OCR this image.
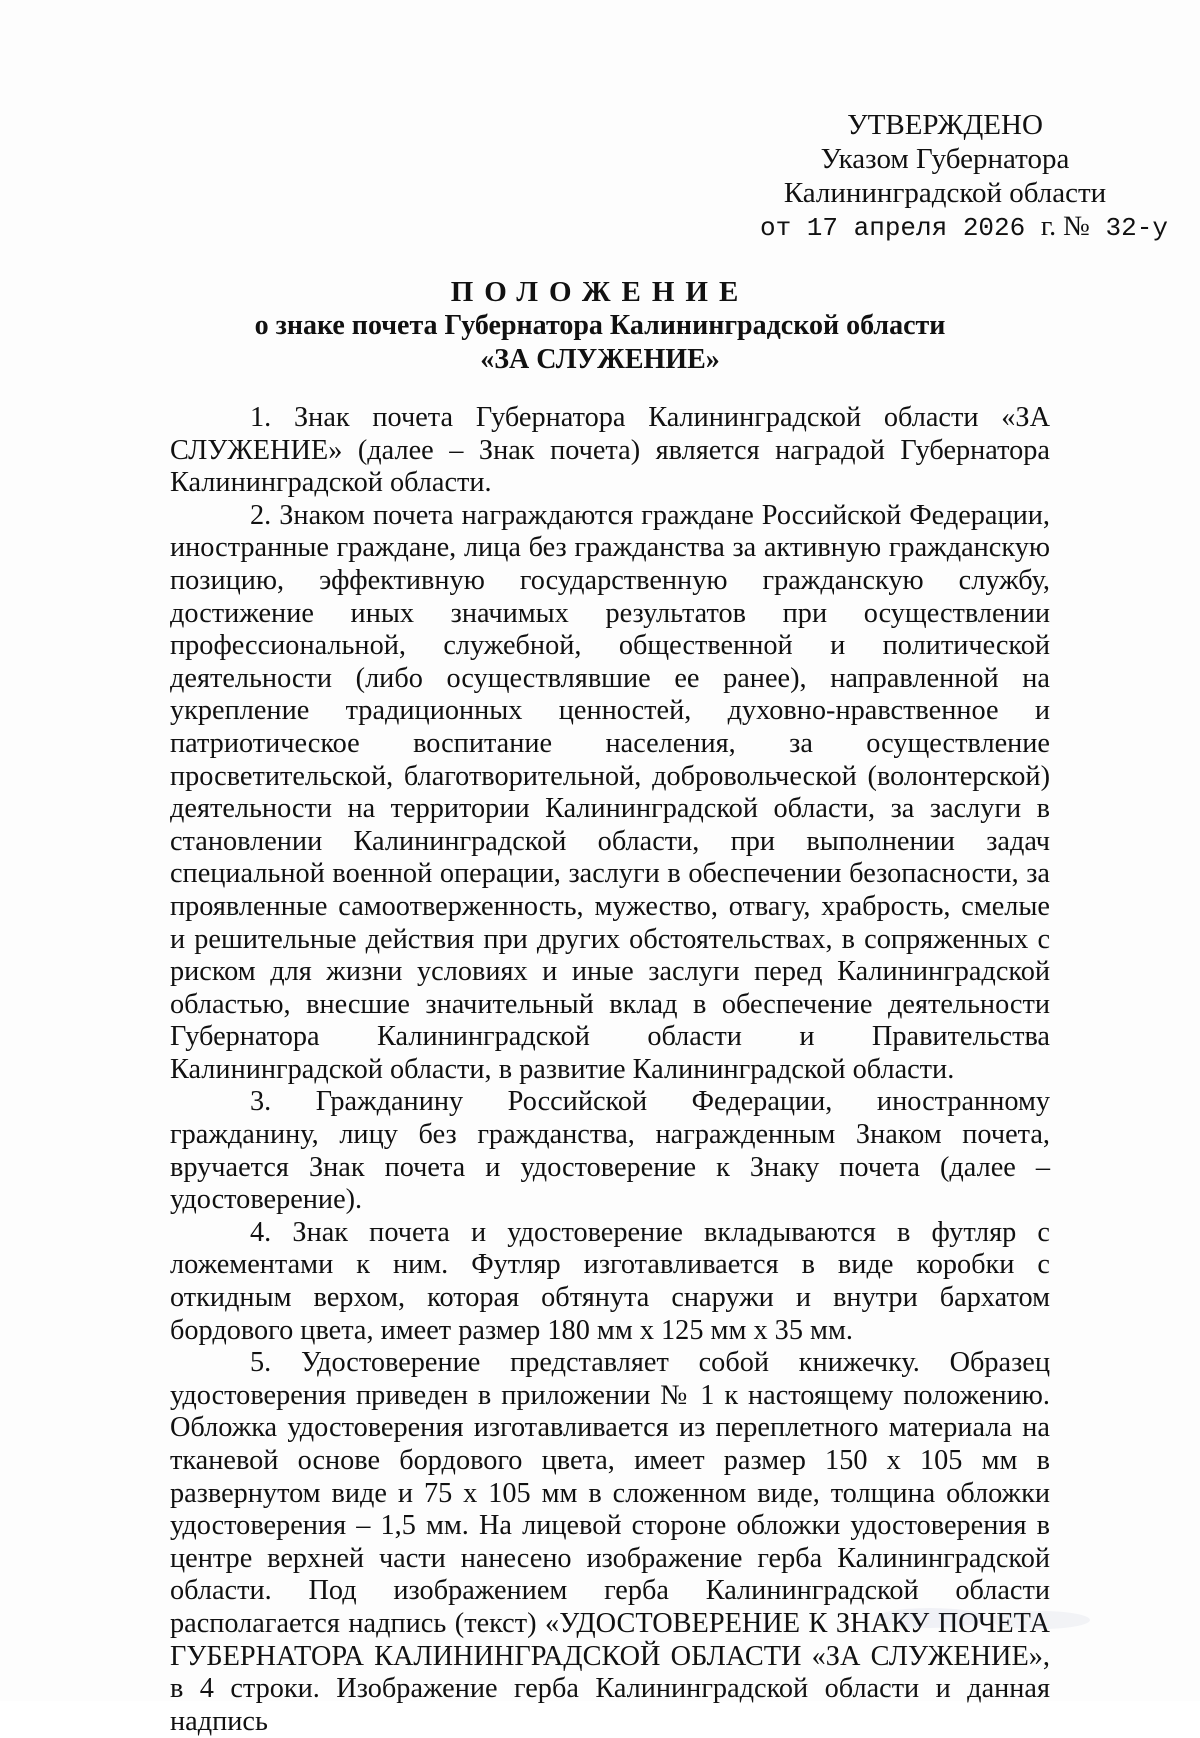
УТВЕРЖДЕНО
Указом Губернатора
Калининградской области
от 17 апреля 2026 г. № 32-у
ПОЛОЖЕНИЕ
о знаке почета Губернатора Калининградской области
«ЗА СЛУЖЕНИЕ»

1. Знак почета Губернатора Калининградской области «ЗА СЛУЖЕНИЕ» (далее – Знак почета) является наградой Губернатора Калининградской области.

2. Знаком почета награждаются граждане Российской Федерации, иностранные граждане, лица без гражданства за активную гражданскую позицию, эффективную государственную гражданскую службу, достижение иных значимых результатов при осуществлении профессиональной, служебной, общественной и политической деятельности (либо осуществлявшие ее ранее), направленной на укрепление традиционных ценностей, духовно-нравственное и патриотическое воспитание населения, за осуществление просветительской, благотворительной, добровольческой (волонтерской) деятельности на территории Калининградской области, за заслуги в становлении Калининградской области, при выполнении задач специальной военной операции, заслуги в обеспечении безопасности, за проявленные самоотверженность, мужество, отвагу, храбрость, смелые и решительные действия при других обстоятельствах, в сопряженных с риском для жизни условиях и иные заслуги перед Калининградской областью, внесшие значительный вклад в обеспечение деятельности Губернатора Калининградской области и Правительства Калининградской области, в развитие Калининградской области.

3. Гражданину Российской Федерации, иностранному гражданину, лицу без гражданства, награжденным Знаком почета, вручается Знак почета и удостоверение к Знаку почета (далее – удостоверение).

4. Знак почета и удостоверение вкладываются в футляр с ложементами к ним. Футляр изготавливается в виде коробки с откидным верхом, которая обтянута снаружи и внутри бархатом бордового цвета, имеет размер 180 мм х 125 мм х 35 мм.

5. Удостоверение представляет собой книжечку. Образец удостоверения приведен в приложении № 1 к настоящему положению. Обложка удостоверения изготавливается из переплетного материала на тканевой основе бордового цвета, имеет размер 150 х 105 мм в развернутом виде и 75 х 105 мм в сложенном виде, толщина обложки удостоверения – 1,5 мм. На лицевой стороне обложки удостоверения в центре верхней части нанесено изображение герба Калининградской области. Под изображением герба Калининградской области располагается надпись (текст) «УДОСТОВЕРЕНИЕ К ЗНАКУ ПОЧЕТА ГУБЕРНАТОРА КАЛИНИНГРАДСКОЙ ОБЛАСТИ «ЗА СЛУЖЕНИЕ», в 4 строки. Изображение герба Калининградской области и данная надпись
